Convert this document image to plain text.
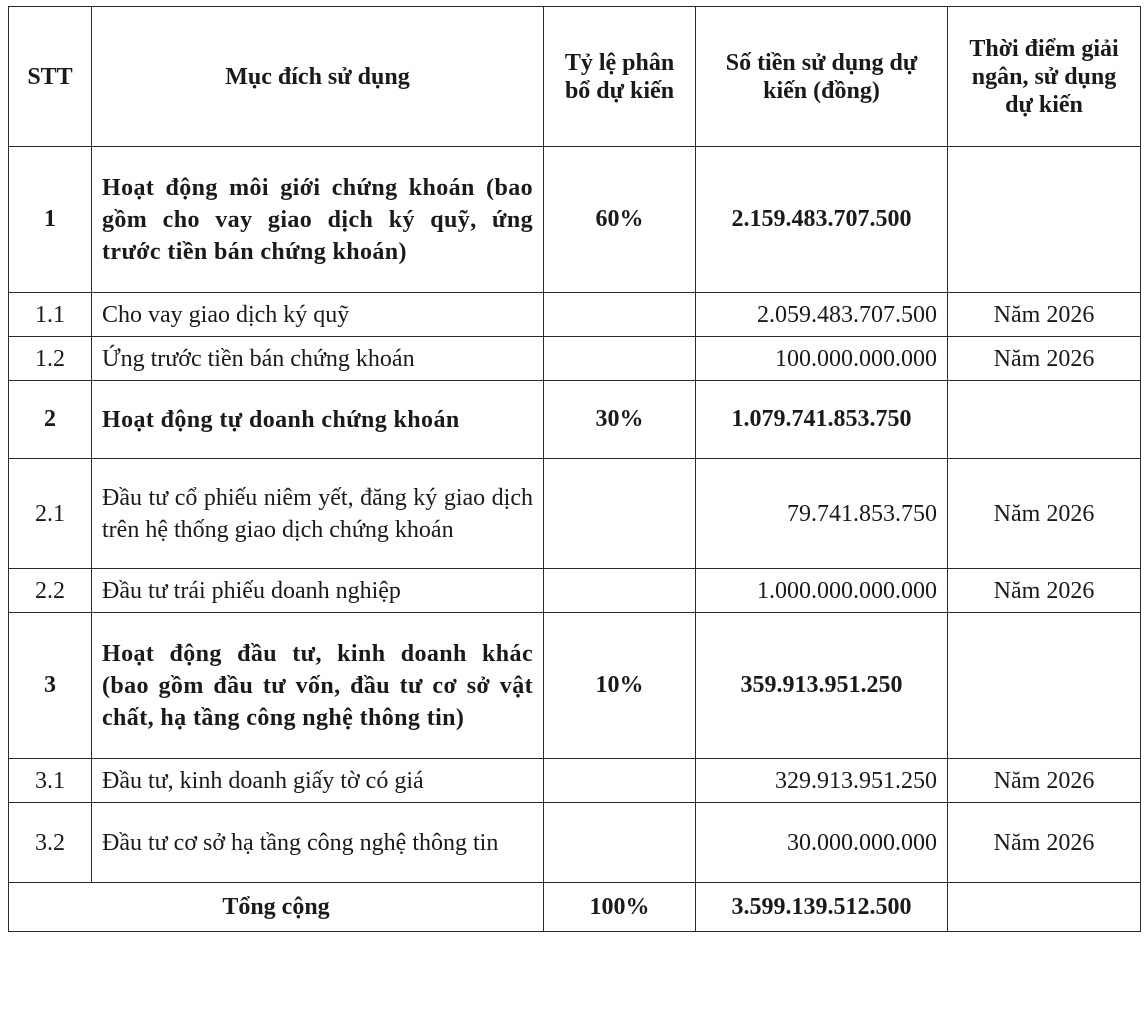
STT	Mục đích sử dụng	Tỷ lệ phân bổ dự kiến	Số tiền sử dụng dự kiến (đồng)	Thời điểm giải ngân, sử dụng dự kiến
1	Hoạt động môi giới chứng khoán (bao gồm cho vay giao dịch ký quỹ, ứng trước tiền bán chứng khoán)	60%	2.159.483.707.500	
1.1	Cho vay giao dịch ký quỹ		2.059.483.707.500	Năm 2026
1.2	Ứng trước tiền bán chứng khoán		100.000.000.000	Năm 2026
2	Hoạt động tự doanh chứng khoán	30%	1.079.741.853.750	
2.1	Đầu tư cổ phiếu niêm yết, đăng ký giao dịch trên hệ thống giao dịch chứng khoán		79.741.853.750	Năm 2026
2.2	Đầu tư trái phiếu doanh nghiệp		1.000.000.000.000	Năm 2026
3	Hoạt động đầu tư, kinh doanh khác (bao gồm đầu tư vốn, đầu tư cơ sở vật chất, hạ tầng công nghệ thông tin)	10%	359.913.951.250	
3.1	Đầu tư, kinh doanh giấy tờ có giá		329.913.951.250	Năm 2026
3.2	Đầu tư cơ sở hạ tầng công nghệ thông tin		30.000.000.000	Năm 2026
Tổng cộng		100%	3.599.139.512.500	
